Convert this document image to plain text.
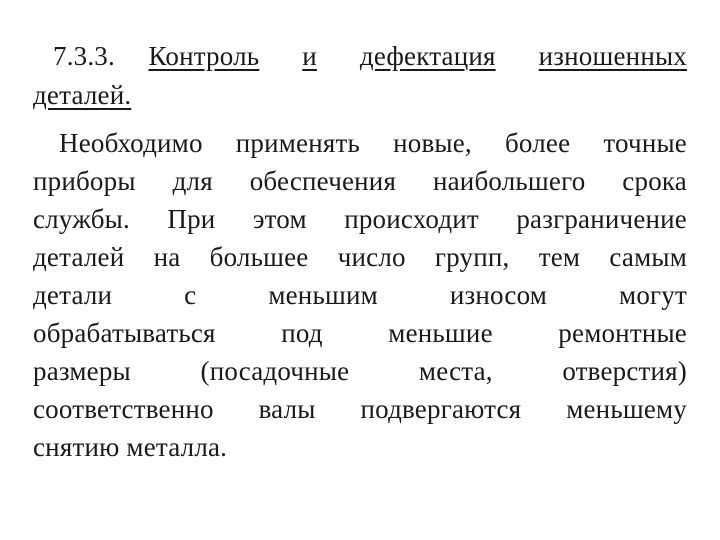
7.3.3. Контроль и дефектация изношенных
деталей.
Необходимо применять новые, более точные
приборы для обеспечения наибольшего срока
службы. При этом происходит разграничение
деталей на большее число групп, тем самым
детали с меньшим износом могут
обрабатываться под меньшие ремонтные
размеры (посадочные места, отверстия)
соответственно валы подвергаются меньшему
снятию металла.
